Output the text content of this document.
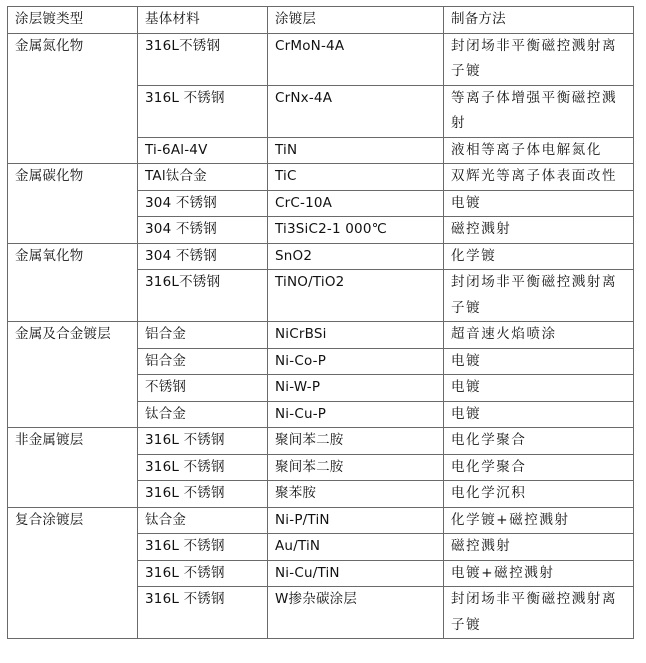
涂层镀类型	基体材料	涂镀层	制备方法
金属氮化物	316L不锈钢	CrMoN-4A	封闭场非平衡磁控溅射离子镀
	316L 不锈钢	CrNx-4A	等离子体增强平衡磁控溅射
	Ti-6Al-4V	TiN	液相等离子体电解氮化
金属碳化物	TAl钛合金	TiC	双辉光等离子体表面改性
	304 不锈钢	CrC-10A	电镀
	304 不锈钢	Ti3SiC2-1 000℃	磁控溅射
金属氧化物	304 不锈钢	SnO2	化学镀
	316L不锈钢	TiNO/TiO2	封闭场非平衡磁控溅射离子镀
金属及合金镀层	铝合金	NiCrBSi	超音速火焰喷涂
	铝合金	Ni-Co-P	电镀
	不锈钢	Ni-W-P	电镀
	钛合金	Ni-Cu-P	电镀
非金属镀层	316L 不锈钢	聚间苯二胺	电化学聚合
	316L 不锈钢	聚间苯二胺	电化学聚合
	316L 不锈钢	聚苯胺	电化学沉积
复合涂镀层	钛合金	Ni-P/TiN	化学镀+磁控溅射
	316L 不锈钢	Au/TiN	磁控溅射
	316L 不锈钢	Ni-Cu/TiN	电镀+磁控溅射
	316L 不锈钢	W掺杂碳涂层	封闭场非平衡磁控溅射离子镀
